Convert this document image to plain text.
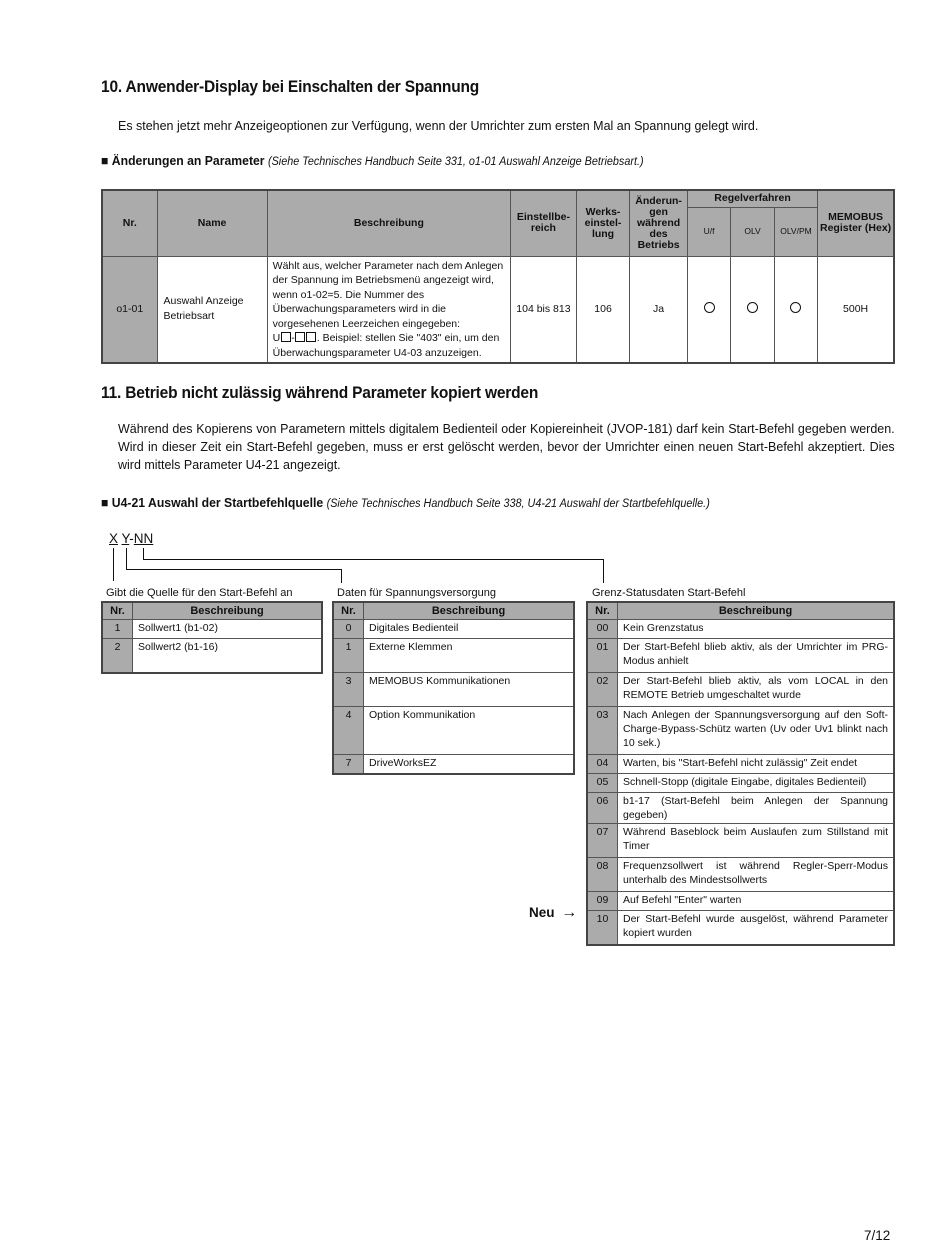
10. Anwender-Display bei Einschalten der Spannung
Es stehen jetzt mehr Anzeigeoptionen zur Verfügung, wenn der Umrichter zum ersten Mal an Spannung gelegt wird.
■ Änderungen an Parameter (Siehe Technisches Handbuch Seite 331, o1-01 Auswahl Anzeige Betriebsart.)
Nr.	Name	Beschreibung	Einstellbe-reich	Werks-einstel-lung	Änderun-gen während des Betriebs	Regelverfahren			MEMOBUS Register (Hex)
						U/f	OLV	OLV/PM	
o1-01	Auswahl Anzeige Betriebsart	Wählt aus, welcher Parameter nach dem Anlegen der Spannung im Betriebsmenü angezeigt wird, wenn o1-02=5. Die Nummer des Überwachungsparameters wird in die vorgesehenen Leerzeichen eingegeben:
U - . Beispiel: stellen Sie "403" ein, um den Überwachungsparameter U4-03 anzuzeigen.	104 bis 813	106	Ja				500H
11. Betrieb nicht zulässig während Parameter kopiert werden
Während des Kopierens von Parametern mittels digitalem Bedienteil oder Kopiereinheit (JVOP-181) darf kein Start-Befehl gegeben werden. Wird in dieser Zeit ein Start-Befehl gegeben, muss er erst gelöscht werden, bevor der Umrichter einen neuen Start-Befehl akzeptiert. Dies wird mittels Parameter U4-21 angezeigt.
■ U4-21 Auswahl der Startbefehlquelle (Siehe Technisches Handbuch Seite 338, U4-21 Auswahl der Startbefehlquelle.)
X Y-NN
Gibt die Quelle für den Start-Befehl an	Daten für Spannungsversorgung	Grenz-Statusdaten Start-Befehl
Nr.	Beschreibung
1	Sollwert1 (b1-02)
2	Sollwert2 (b1-16)
Nr.	Beschreibung
0	Digitales Bedienteil
1	Externe Klemmen
3	MEMOBUS Kommunikationen
4	Option Kommunikation
7	DriveWorksEZ
Nr.	Beschreibung
00	Kein Grenzstatus
01	Der Start-Befehl blieb aktiv, als der Umrichter im PRG-Modus anhielt
02	Der Start-Befehl blieb aktiv, als vom LOCAL in den REMOTE Betrieb umgeschaltet wurde
03	Nach Anlegen der Spannungsversorgung auf den Soft-Charge-Bypass-Schütz warten (Uv oder Uv1 blinkt nach 10 sek.)
04	Warten, bis "Start-Befehl nicht zulässig" Zeit endet
05	Schnell-Stopp (digitale Eingabe, digitales Bedienteil)
06	b1-17 (Start-Befehl beim Anlegen der Spannung gegeben)
07	Während Baseblock beim Auslaufen zum Stillstand mit Timer
08	Frequenzsollwert ist während Regler-Sperr-Modus unterhalb des Mindestsollwerts
09	Auf Befehl "Enter" warten
10	Der Start-Befehl wurde ausgelöst, während Parameter kopiert wurden
Neu →
7/12
